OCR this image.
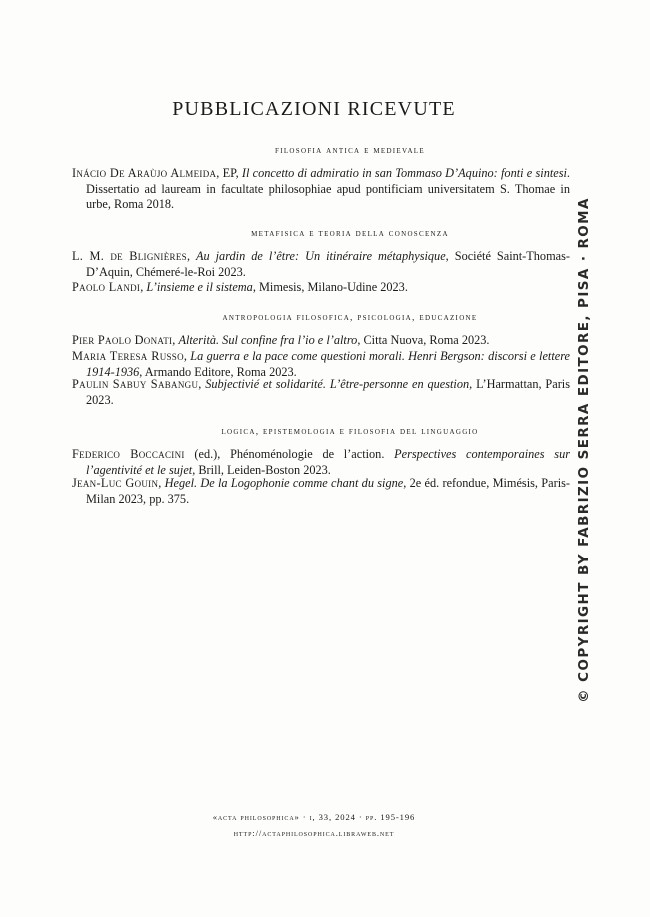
PUBBLICAZIONI RICEVUTE

filosofia antica e medievale

Inácio De Araùjo Almeida, EP, Il concetto di admiratio in san Tommaso D’Aquino: fonti e sintesi. Dissertatio ad lauream in facultate philosophiae apud pontificiam universitatem S. Thomae in urbe, Roma 2018.

metafisica e teoria della conoscenza

L. M. de Blignières, Au jardin de l’être: Un itinéraire métaphysique, Société Saint-Thomas-D’Aquin, Chémeré-le-Roi 2023.

Paolo Landi, L’insieme e il sistema, Mimesis, Milano-Udine 2023.

antropologia filosofica, psicologia, educazione

Pier Paolo Donati, Alterità. Sul confine fra l’io e l’altro, Citta Nuova, Roma 2023.

Maria Teresa Russo, La guerra e la pace come questioni morali. Henri Bergson: discorsi e lettere 1914-1936, Armando Editore, Roma 2023.

Paulin Sabuy Sabangu, Subjectivié et solidarité. L’être-personne en question, L’Harmattan, Paris 2023.

logica, epistemologia e filosofia del linguaggio

Federico Boccacini (ed.), Phénoménologie de l’action. Perspectives contemporaines sur l’agentivité et le sujet, Brill, Leiden-Boston 2023.

Jean-Luc Gouin, Hegel. De la Logophonie comme chant du signe, 2e éd. refondue, Mimésis, Paris-Milan 2023, pp. 375.	© COPYRIGHT BY FABRIZIO SERRA EDITORE, PISA · ROMA

«acta philosophica» · i, 33, 2024 · pp. 195-196

http://actaphilosophica.libraweb.net
